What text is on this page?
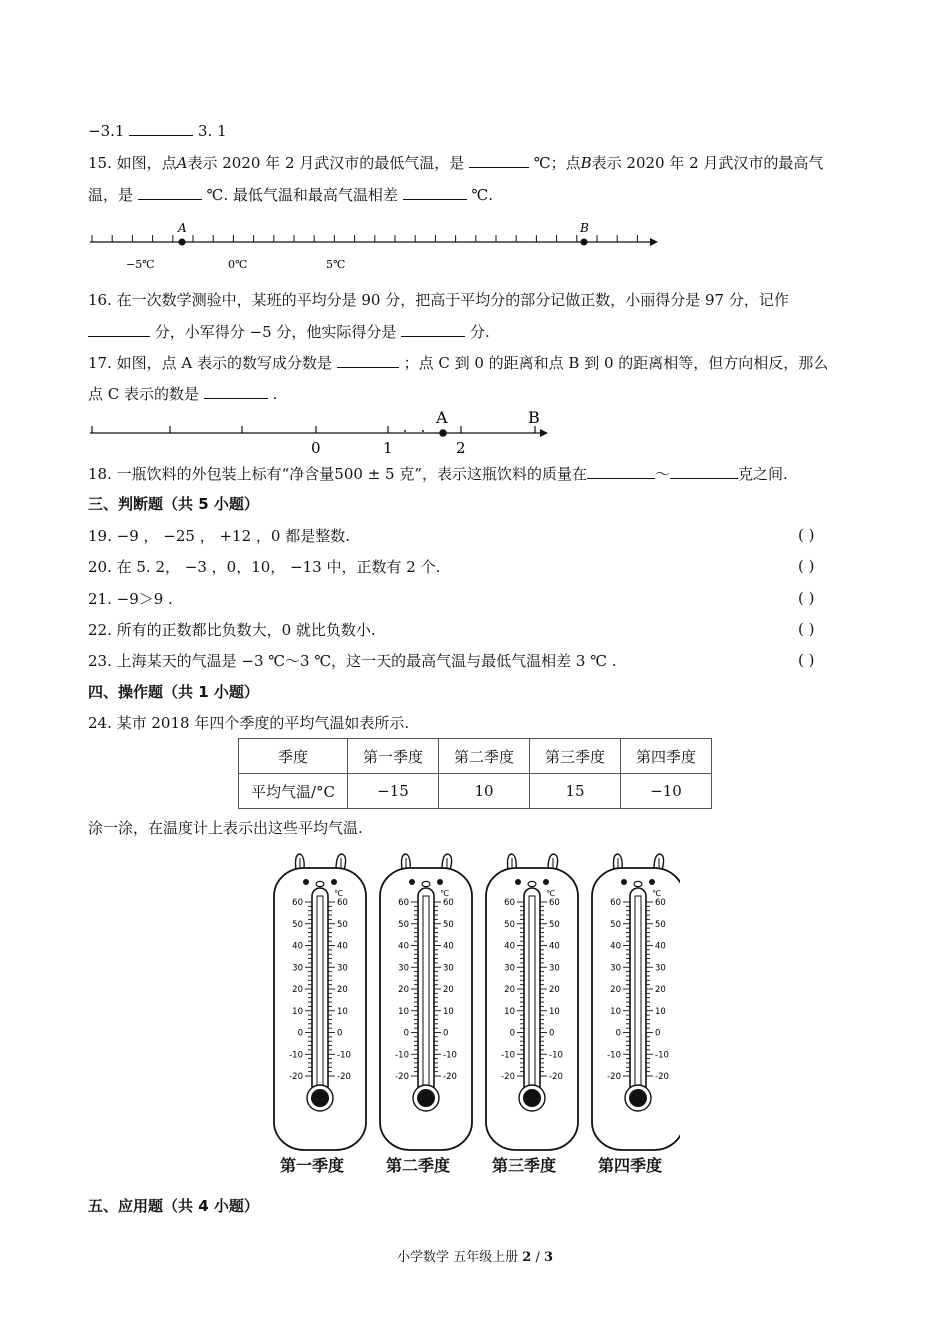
−3.1	3. 1
15. 如图，点A表示 2020 年 2 月武汉市的最低气温，是	℃；点B表示 2020 年 2 月武汉市的最高气
温，是	℃. 最低气温和最高气温相差	℃.
A	B
−5℃	0℃	5℃
16. 在一次数学测验中，某班的平均分是 90 分，把高于平均分的部分记做正数，小丽得分是 97 分，记作
分，小军得分 −5 分，他实际得分是	分.
17. 如图，点 A 表示的数写成分数是	；点 C 到 0 的距离和点 B 到 0 的距离相等，但方向相反，那么
点 C 表示的数是	.
A	B
0	1	2
18. 一瓶饮料的外包装上标有“净含量500 ± 5 克”，表示这瓶饮料的质量在	～	克之间.
三、判断题（共 5 小题）
19. −9 ， −25 ， +12 ，0 都是整数.	( )
20. 在 5. 2， −3 ，0，10， −13 中，正数有 2 个.	( )
21. −9＞9 .	( )
22. 所有的正数都比负数大，0 就比负数小.	( )
23. 上海某天的气温是 −3 ℃～3 ℃，这一天的最高气温与最低气温相差 3 ℃ .	( )
四、操作题（共 1 小题）
24. 某市 2018 年四个季度的平均气温如表所示.
季度	第一季度	第二季度	第三季度	第四季度
平均气温/°C	−15	10	15	−10
涂一涂，在温度计上表示出这些平均气温.
60	60
50	50
40	40
30	30
20	20
10	10
0	0
-10	-10
-20	-20
℃
60	60
50	50
40	40
30	30
20	20
10	10
0	0
-10	-10
-20	-20
℃
60	60
50	50
40	40
30	30
20	20
10	10
0	0
-10	-10
-20	-20
℃
60	60
50	50
40	40
30	30
20	20
10	10
0	0
-10	-10
-20	-20
℃
第一季度	第二季度	第三季度	第四季度
五、应用题（共 4 小题）
小学数学 五年级上册 2 / 3
